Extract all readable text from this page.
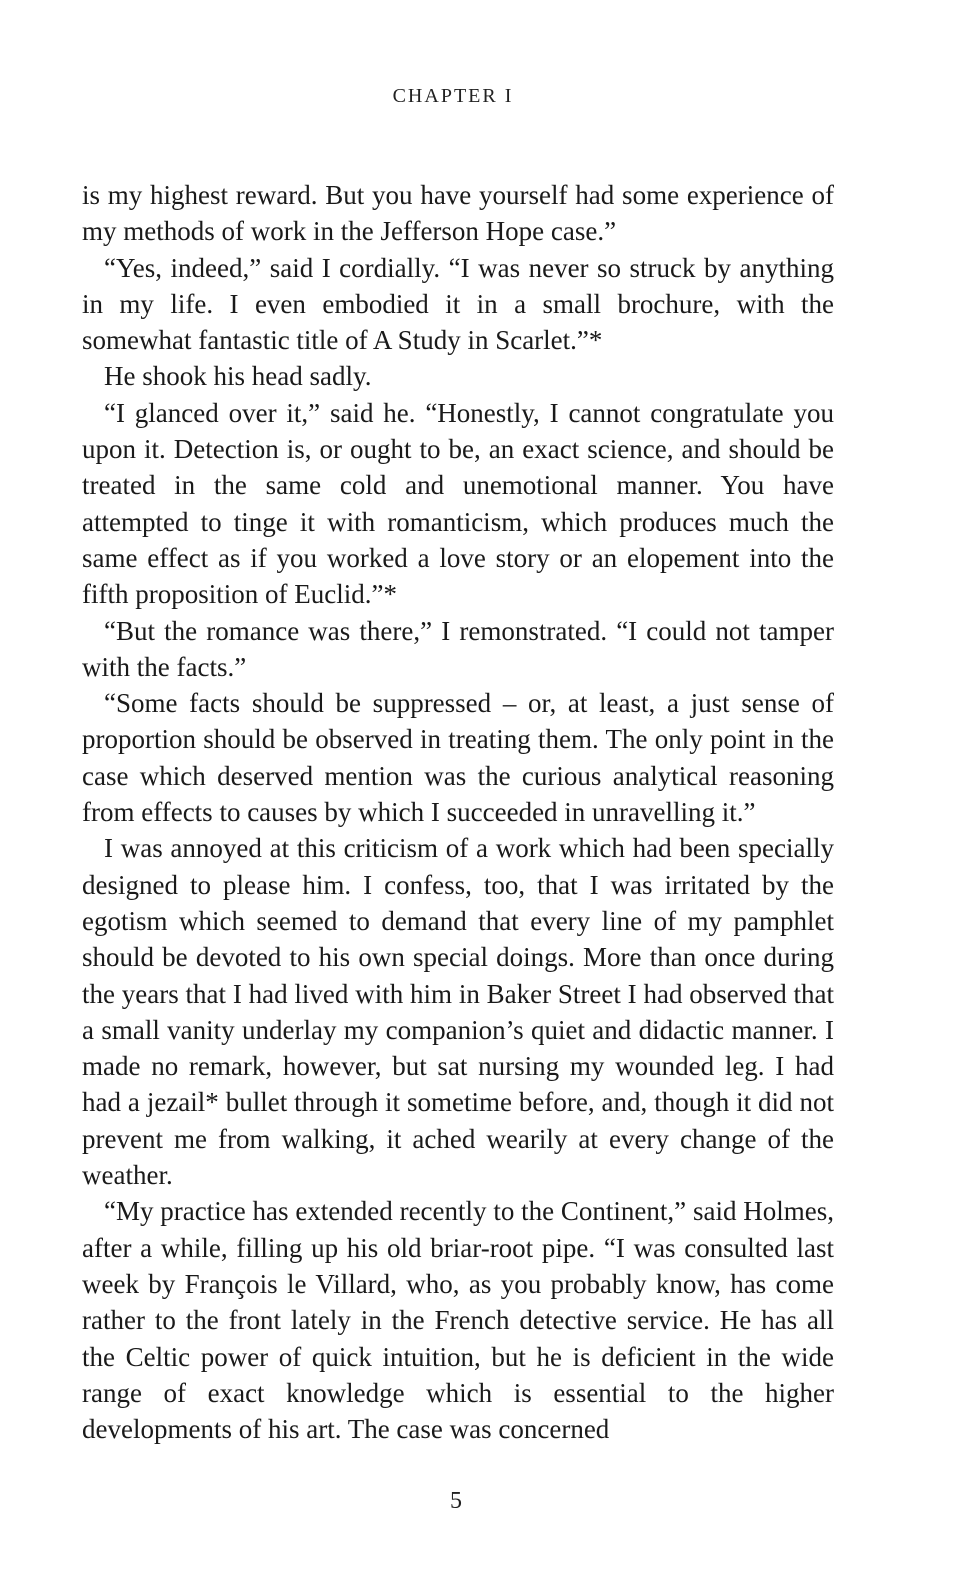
CHAPTER I

is my highest reward. But you have yourself had some experience of my methods of work in the Jefferson Hope case.”

“Yes, indeed,” said I cordially. “I was never so struck by anything in my life. I even embodied it in a small brochure, with the somewhat fantastic title of A Study in Scarlet.”*

He shook his head sadly.

“I glanced over it,” said he. “Honestly, I cannot congratulate you upon it. Detection is, or ought to be, an exact science, and should be treated in the same cold and unemotional manner. You have attempted to tinge it with romanticism, which produces much the same effect as if you worked a love story or an elopement into the fifth proposition of Euclid.”*

“But the romance was there,” I remonstrated. “I could not tamper with the facts.”

“Some facts should be suppressed – or, at least, a just sense of proportion should be observed in treating them. The only point in the case which deserved mention was the curious analytical reasoning from effects to causes by which I succeeded in unravelling it.”

I was annoyed at this criticism of a work which had been specially designed to please him. I confess, too, that I was irritated by the egotism which seemed to demand that every line of my pamphlet should be devoted to his own special doings. More than once during the years that I had lived with him in Baker Street I had observed that a small vanity underlay my companion’s quiet and didactic manner. I made no remark, however, but sat nursing my wounded leg. I had had a jezail* bullet through it sometime before, and, though it did not prevent me from walking, it ached wearily at every change of the weather.

“My practice has extended recently to the Continent,” said Holmes, after a while, filling up his old briar-root pipe. “I was consulted last week by François le Villard, who, as you probably know, has come rather to the front lately in the French detective service. He has all the Celtic power of quick intuition, but he is deficient in the wide range of exact knowledge which is essential to the higher developments of his art. The case was concerned

5
